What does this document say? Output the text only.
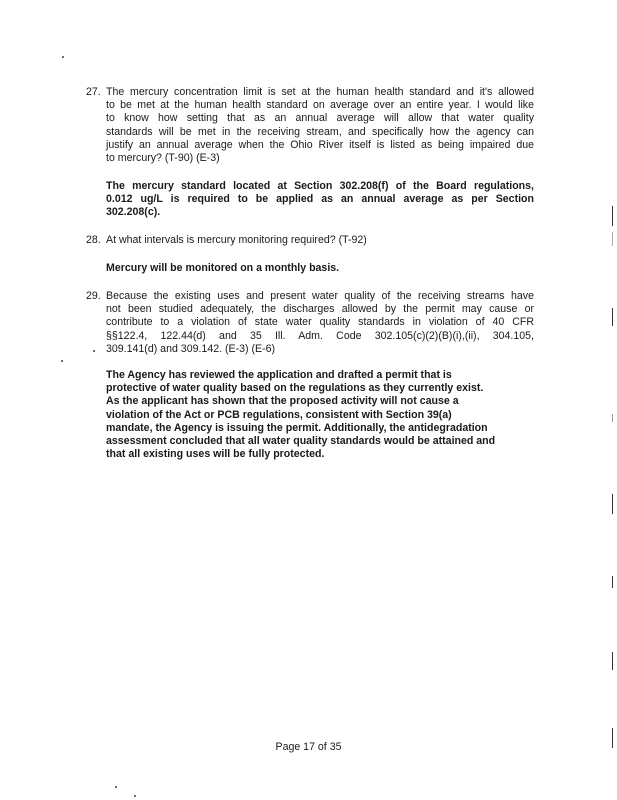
27. The mercury concentration limit is set at the human health standard and it's allowed
to be met at the human health standard on average over an entire year. I would like
to know how setting that as an annual average will allow that water quality
standards will be met in the receiving stream, and specifically how the agency can
justify an annual average when the Ohio River itself is listed as being impaired due
to mercury? (T-90) (E-3)
The mercury standard located at Section 302.208(f) of the Board regulations,
0.012 ug/L is required to be applied as an annual average as per Section
302.208(c).
28. At what intervals is mercury monitoring required? (T-92)
Mercury will be monitored on a monthly basis.
29. Because the existing uses and present water quality of the receiving streams have
not been studied adequately, the discharges allowed by the permit may cause or
contribute to a violation of state water quality standards in violation of 40 CFR
§§122.4, 122.44(d) and 35 Ill. Adm. Code 302.105(c)(2)(B)(i),(ii), 304.105,
309.141(d) and 309.142. (E-3) (E-6)
The Agency has reviewed the application and drafted a permit that is
protective of water quality based on the regulations as they currently exist.
As the applicant has shown that the proposed activity will not cause a
violation of the Act or PCB regulations, consistent with Section 39(a)
mandate, the Agency is issuing the permit. Additionally, the antidegradation
assessment concluded that all water quality standards would be attained and
that all existing uses will be fully protected.
Page 17 of 35
